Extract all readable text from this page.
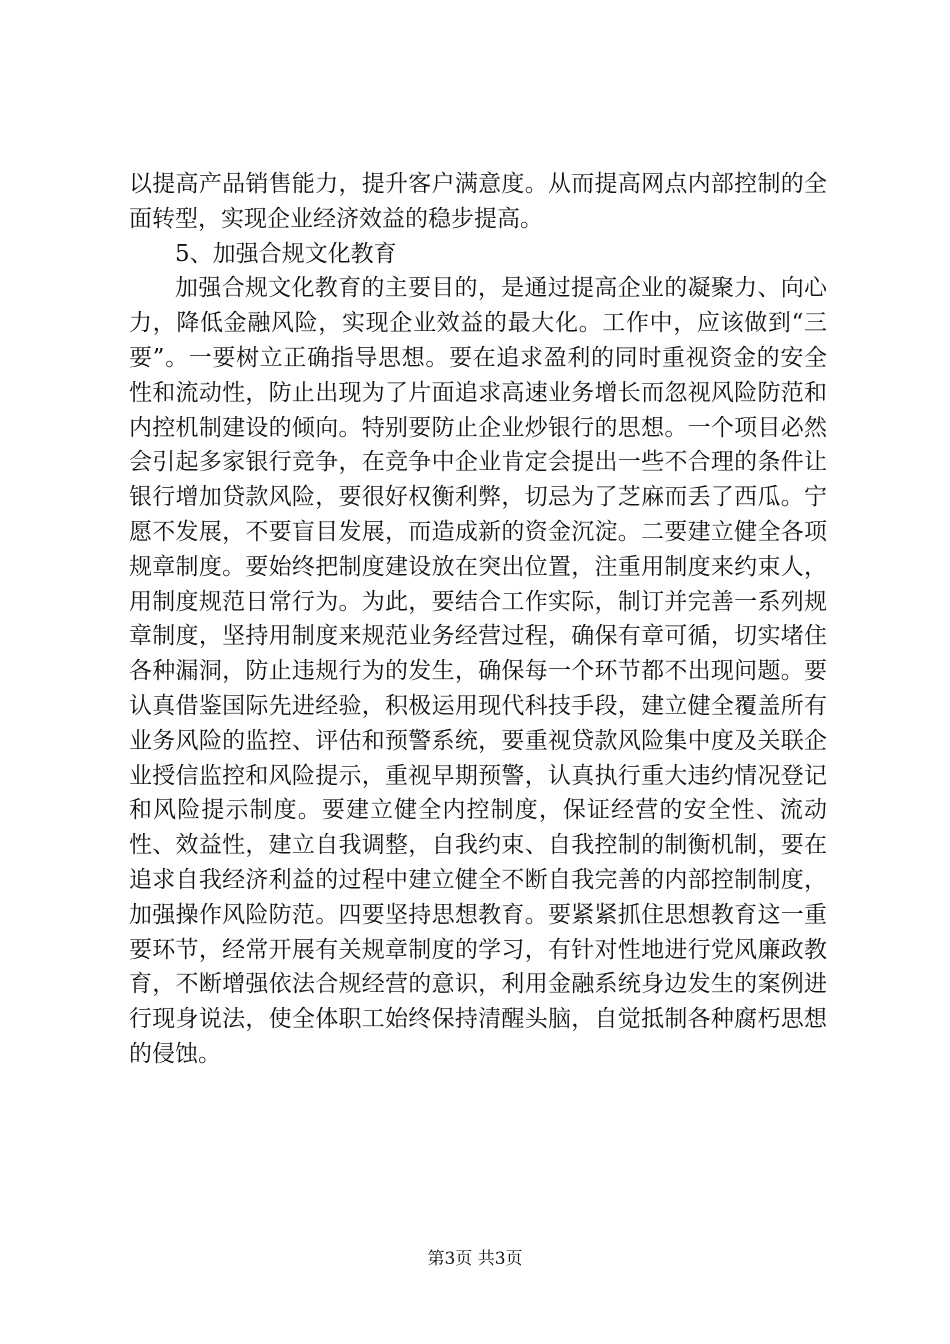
以提高产品销售能力，提升客户满意度。从而提高网点内部控制的全面转型，实现企业经济效益的稳步提高。

5、加强合规文化教育

加强合规文化教育的主要目的，是通过提高企业的凝聚力、向心力，降低金融风险，实现企业效益的最大化。工作中，应该做到“三要”。一要树立正确指导思想。要在追求盈利的同时重视资金的安全性和流动性，防止出现为了片面追求高速业务增长而忽视风险防范和内控机制建设的倾向。特别要防止企业炒银行的思想。一个项目必然会引起多家银行竞争，在竞争中企业肯定会提出一些不合理的条件让银行增加贷款风险，要很好权衡利弊，切忌为了芝麻而丢了西瓜。宁愿不发展，不要盲目发展，而造成新的资金沉淀。二要建立健全各项规章制度。要始终把制度建设放在突出位置，注重用制度来约束人，用制度规范日常行为。为此，要结合工作实际，制订并完善一系列规章制度，坚持用制度来规范业务经营过程，确保有章可循，切实堵住各种漏洞，防止违规行为的发生，确保每一个环节都不出现问题。要认真借鉴国际先进经验，积极运用现代科技手段，建立健全覆盖所有业务风险的监控、评估和预警系统，要重视贷款风险集中度及关联企业授信监控和风险提示，重视早期预警，认真执行重大违约情况登记和风险提示制度。要建立健全内控制度，保证经营的安全性、流动性、效益性，建立自我调整，自我约束、自我控制的制衡机制，要在追求自我经济利益的过程中建立健全不断自我完善的内部控制制度，加强操作风险防范。四要坚持思想教育。要紧紧抓住思想教育这一重要环节，经常开展有关规章制度的学习，有针对性地进行党风廉政教育，不断增强依法合规经营的意识，利用金融系统身边发生的案例进行现身说法，使全体职工始终保持清醒头脑，自觉抵制各种腐朽思想的侵蚀。

第3页 共3页
